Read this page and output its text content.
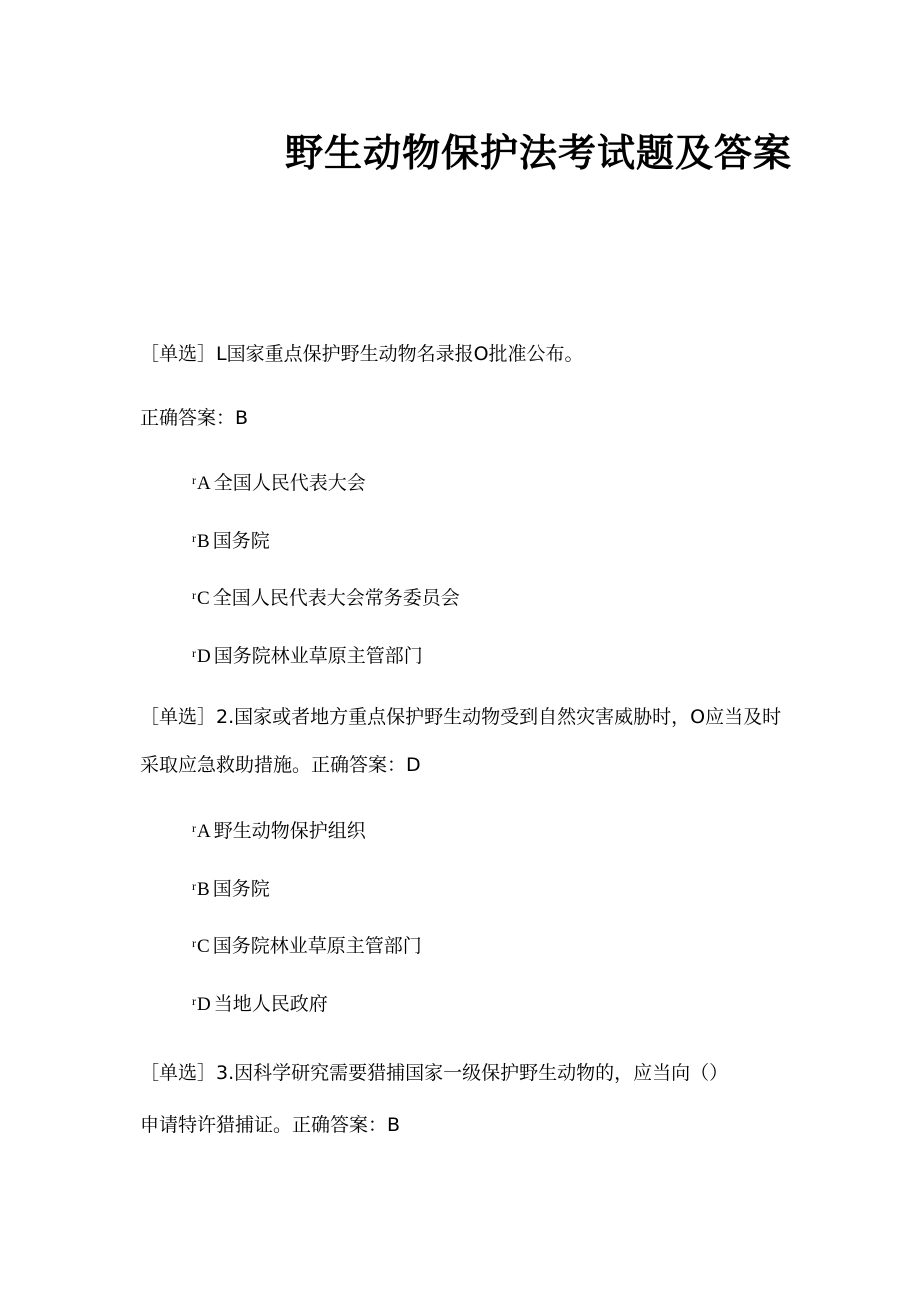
野生动物保护法考试题及答案
［单选］L国家重点保护野生动物名录报O批准公布。
正确答案：B
$^r$A 全国人民代表大会
$^r$B 国务院
$^r$C 全国人民代表大会常务委员会
$^r$D 国务院林业草原主管部门
［单选］2.国家或者地方重点保护野生动物受到自然灾害威胁时，O应当及时
采取应急救助措施。正确答案：D
$^r$A 野生动物保护组织
$^r$B 国务院
$^r$C 国务院林业草原主管部门
$^r$D 当地人民政府
［单选］3.因科学研究需要猎捕国家一级保护野生动物的，应当向（）
申请特许猎捕证。正确答案：B
